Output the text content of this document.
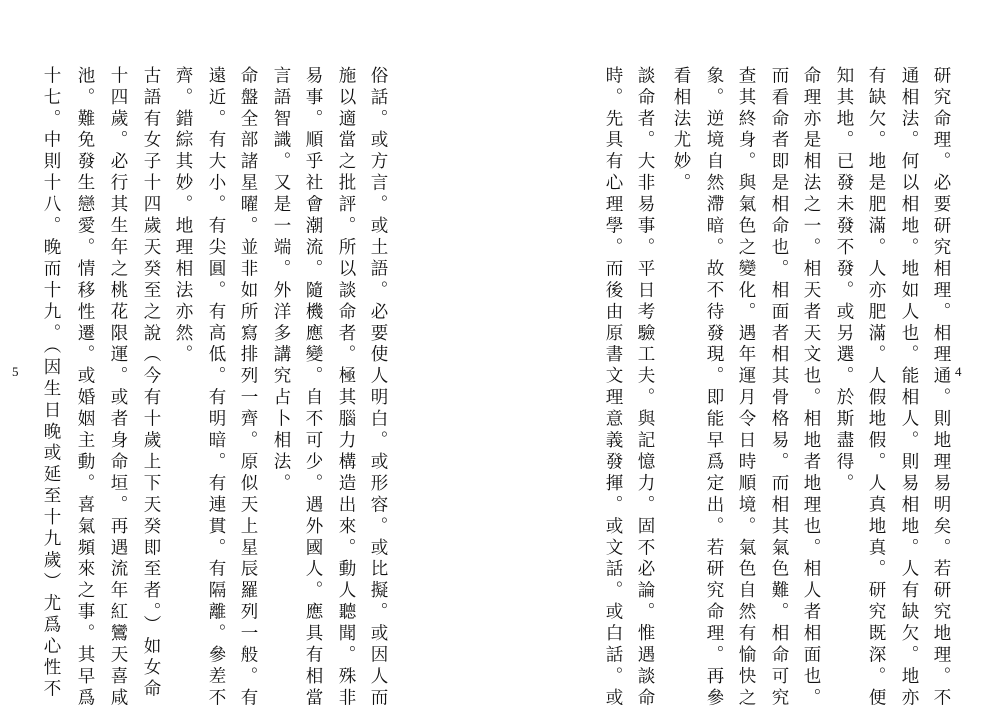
俗話。或方言。或土語。必要使人明白。或形容。或比擬。或因人而
施以適當之批評。所以談命者。極其腦力構造出來。動人聽聞。殊非
易事。順乎社會潮流。隨機應變。自不可少。遇外國人。應具有相當
言語智識。又是一端。外洋多講究占卜相法。
命盤全部諸星曜。並非如所寫排列一齊。原似天上星辰羅列一般。有
遠近。有大小。有尖圓。有高低。有明暗。有連貫。有隔離。參差不
齊。錯綜其妙。地理相法亦然。
古語有女子十四歲天癸至之說（今有十歲上下天癸即至者。）如女命
十四歲。必行其生年之桃花限運。或者身命垣。再遇流年紅鸞天喜咸
池。難免發生戀愛。情移性遷。或婚姻主動。喜氣頻來之事。其早爲
十七。中則十八。晚而十九。（因生日晚或延至十九歲）尤爲心性不
5	4
研究命理。必要研究相理。相理通。則地理易明矣。若研究地理。不
通相法。何以相地。地如人也。能相人。則易相地。人有缺欠。地亦
有缺欠。地是肥滿。人亦肥滿。人假地假。人真地真。研究既深。便
知其地。已發未發不發。或另選。於斯盡得。
命理亦是相法之一。相天者天文也。相地者地理也。相人者相面也。
而看命者即是相命也。相面者相其骨格易。而相其氣色難。相命可究
查其終身。與氣色之變化。遇年運月令日時順境。氣色自然有愉快之
象。逆境自然滯暗。故不待發現。即能早爲定出。若研究命理。再參
看相法尤妙。
談命者。大非易事。平日考驗工夫。與記憶力。固不必論。惟遇談命
時。先具有心理學。而後由原書文理意義發揮。或文話。或白話。或
